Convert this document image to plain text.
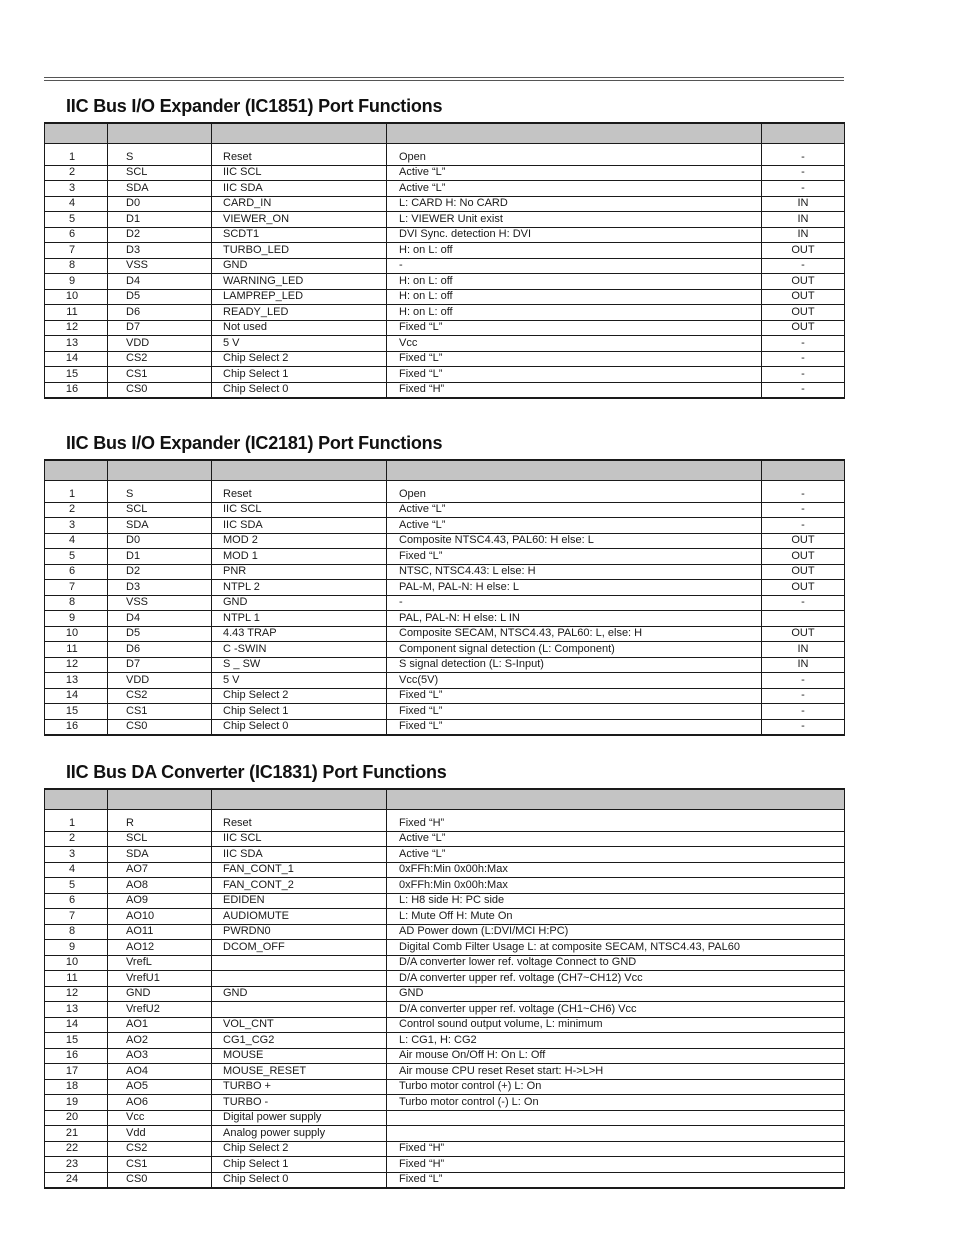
IIC Bus I/O Expander (IC1851) Port Functions

1	S	Reset	Open	-
2	SCL	IIC SCL	Active “L”	-
3	SDA	IIC SDA	Active “L”	-
4	D0	CARD_IN	L: CARD H: No CARD	IN
5	D1	VIEWER_ON	L: VIEWER Unit exist	IN
6	D2	SCDT1	DVI Sync. detection H: DVI	IN
7	D3	TURBO_LED	H: on L: off	OUT
8	VSS	GND	-	-
9	D4	WARNING_LED	H: on L: off	OUT
10	D5	LAMPREP_LED	H: on L: off	OUT
11	D6	READY_LED	H: on L: off	OUT
12	D7	Not used	Fixed “L”	OUT
13	VDD	5 V	Vcc	-
14	CS2	Chip Select 2	Fixed “L”	-
15	CS1	Chip Select 1	Fixed “L”	-
16	CS0	Chip Select 0	Fixed “H”	-
IIC Bus I/O Expander (IC2181) Port Functions

1	S	Reset	Open	-
2	SCL	IIC SCL	Active “L”	-
3	SDA	IIC SDA	Active “L”	-
4	D0	MOD 2	Composite NTSC4.43, PAL60: H else: L	OUT
5	D1	MOD 1	Fixed “L”	OUT
6	D2	PNR	NTSC, NTSC4.43: L else: H	OUT
7	D3	NTPL 2	PAL-M, PAL-N: H else: L	OUT
8	VSS	GND	-	-
9	D4	NTPL 1	PAL, PAL-N: H else: L IN	
10	D5	4.43 TRAP	Composite SECAM, NTSC4.43, PAL60: L, else: H	OUT
11	D6	C -SWIN	Component signal detection (L: Component)	IN
12	D7	S _ SW	S signal detection (L: S-Input)	IN
13	VDD	5 V	Vcc(5V)	-
14	CS2	Chip Select 2	Fixed “L”	-
15	CS1	Chip Select 1	Fixed “L”	-
16	CS0	Chip Select 0	Fixed “L”	-
IIC Bus DA Converter (IC1831) Port Functions

1	R	Reset	Fixed “H”
2	SCL	IIC SCL	Active “L”
3	SDA	IIC SDA	Active “L”
4	AO7	FAN_CONT_1	0xFFh:Min 0x00h:Max
5	AO8	FAN_CONT_2	0xFFh:Min 0x00h:Max
6	AO9	EDIDEN	L: H8 side H: PC side
7	AO10	AUDIOMUTE	L: Mute Off H: Mute On
8	AO11	PWRDN0	AD Power down (L:DVI/MCI H:PC)
9	AO12	DCOM_OFF	Digital Comb Filter Usage L: at composite SECAM, NTSC4.43, PAL60
10	VrefL		D/A converter lower ref. voltage Connect to GND
11	VrefU1		D/A converter upper ref. voltage (CH7~CH12) Vcc
12	GND	GND	GND
13	VrefU2		D/A converter upper ref. voltage (CH1~CH6) Vcc
14	AO1	VOL_CNT	Control sound output volume, L: minimum
15	AO2	CG1_CG2	L: CG1, H: CG2
16	AO3	MOUSE	Air mouse On/Off H: On L: Off
17	AO4	MOUSE_RESET	Air mouse CPU reset Reset start: H->L>H
18	AO5	TURBO +	Turbo motor control (+) L: On
19	AO6	TURBO -	Turbo motor control (-) L: On
20	Vcc	Digital power supply	
21	Vdd	Analog power supply	
22	CS2	Chip Select 2	Fixed “H”
23	CS1	Chip Select 1	Fixed “H”
24	CS0	Chip Select 0	Fixed “L”
